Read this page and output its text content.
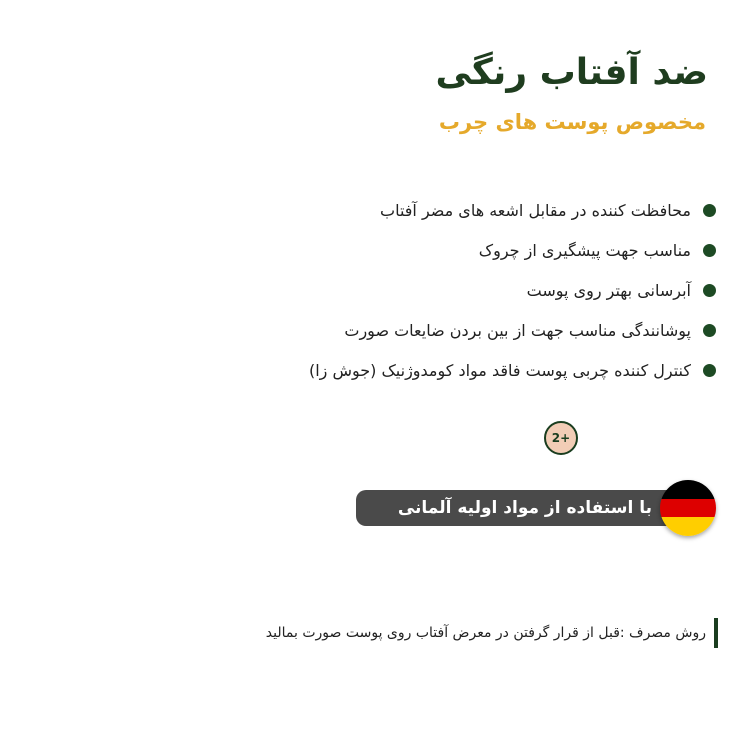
ضد آفتاب رنگی
مخصوص پوست های چرب
محافظت کننده در مقابل اشعه های مضر آفتاب
مناسب جهت پیشگیری از چروک
آبرسانی بهتر روی پوست
پوشانندگی مناسب جهت از بین بردن ضایعات صورت
کنترل کننده چربی پوست فاقد مواد کومدوژنیک (جوش زا)
2+
با استفاده از مواد اولیه آلمانی
روش مصرف :قبل از قرار گرفتن در معرض آفتاب روی پوست صورت بمالید
